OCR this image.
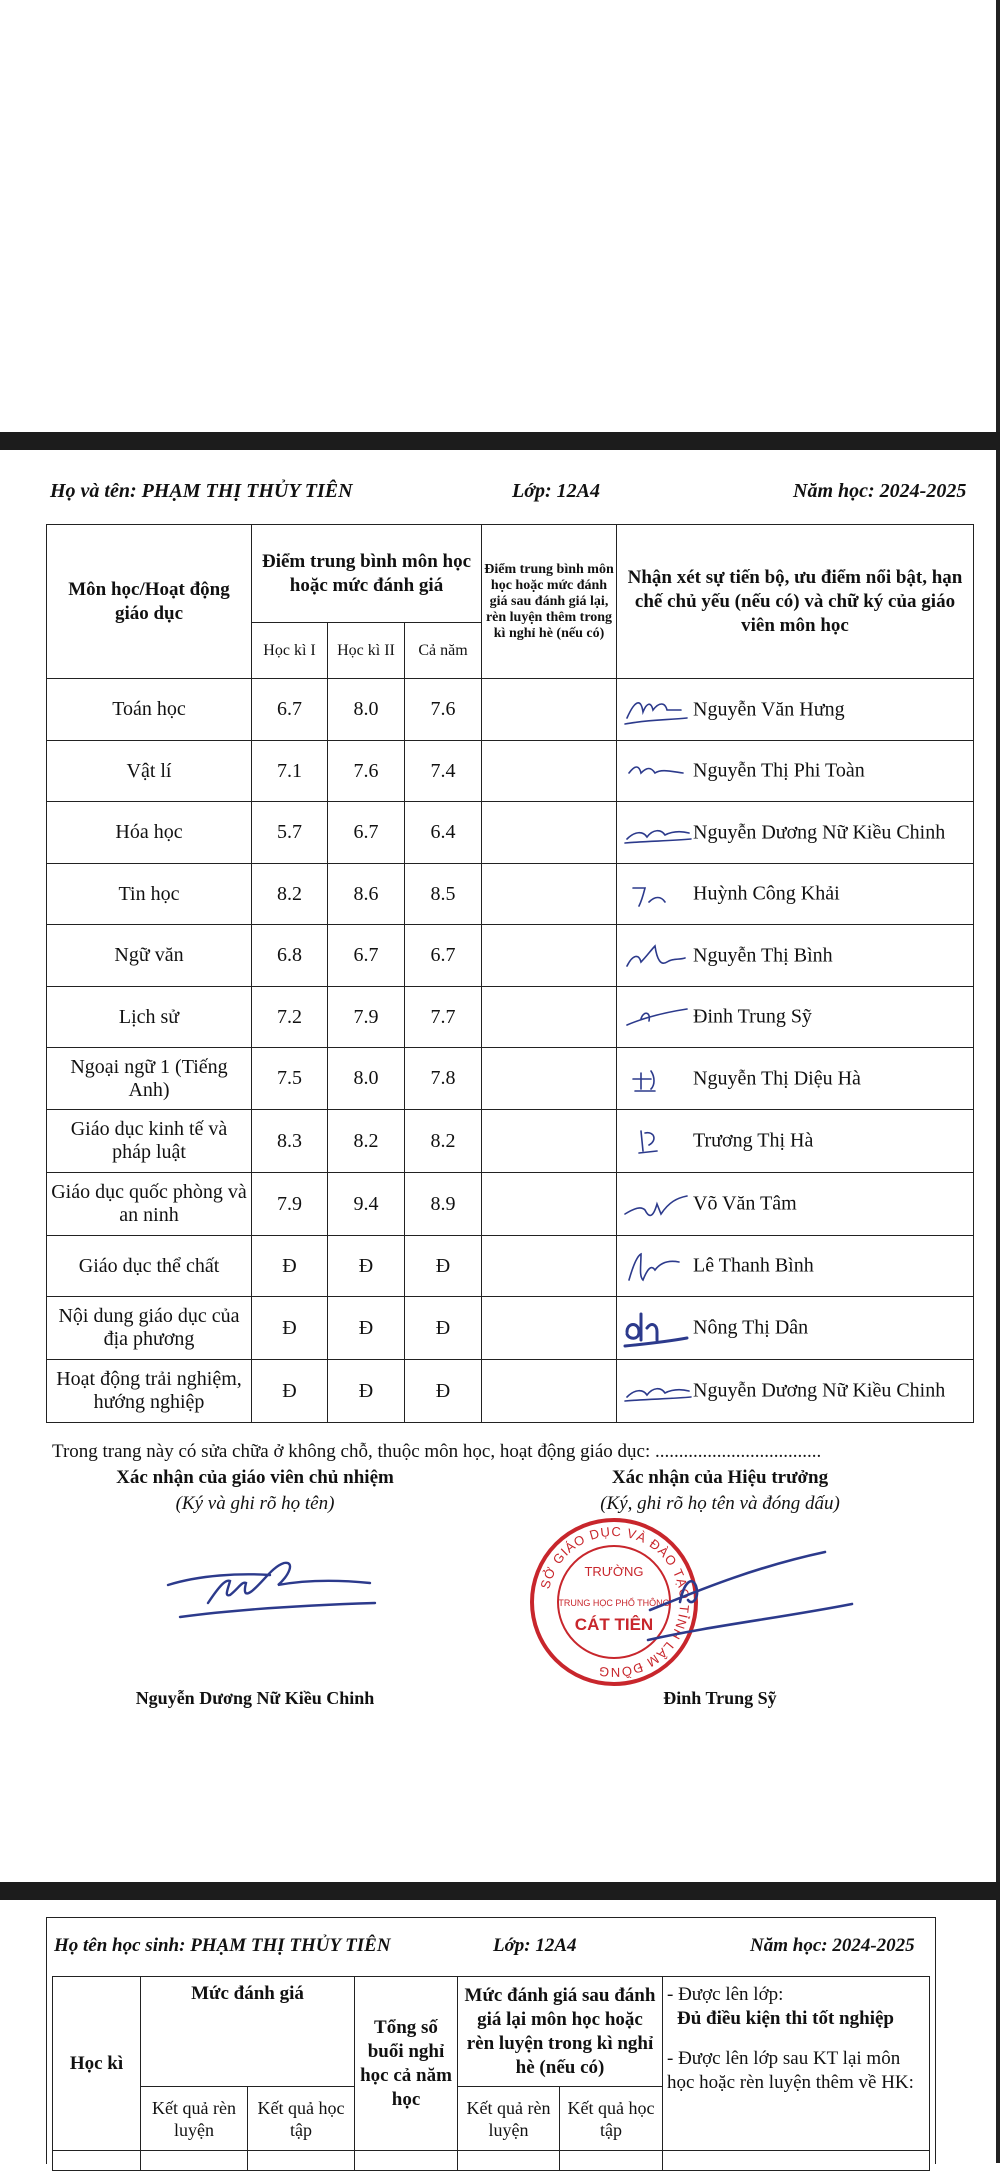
Họ và tên: PHẠM THỊ THỦY TIÊN	Lớp: 12A4	Năm học: 2024-2025
Môn học/Hoạt động giáo dục	Điểm trung bình môn học hoặc mức đánh giá			Điểm trung bình môn học hoặc mức đánh giá sau đánh giá lại, rèn luyện thêm trong kì nghỉ hè (nếu có)	Nhận xét sự tiến bộ, ưu điểm nổi bật, hạn chế chủ yếu (nếu có) và chữ ký của giáo viên môn học
	Học kì I	Học kì II	Cả năm		
Toán học	6.7	8.0	7.6		Nguyễn Văn Hưng
Vật lí	7.1	7.6	7.4		Nguyễn Thị Phi Toàn
Hóa học	5.7	6.7	6.4		Nguyễn Dương Nữ Kiều Chinh
Tin học	8.2	8.6	8.5		Huỳnh Công Khải
Ngữ văn	6.8	6.7	6.7		Nguyễn Thị Bình
Lịch sử	7.2	7.9	7.7		Đinh Trung Sỹ
Ngoại ngữ 1 (Tiếng Anh)	7.5	8.0	7.8		Nguyễn Thị Diệu Hà
Giáo dục kinh tế và pháp luật	8.3	8.2	8.2		Trương Thị Hà
Giáo dục quốc phòng và an ninh	7.9	9.4	8.9		Võ Văn Tâm
Giáo dục thể chất	Đ	Đ	Đ		Lê Thanh Bình
Nội dung giáo dục của địa phương	Đ	Đ	Đ		Nông Thị Dân
Hoạt động trải nghiệm, hướng nghiệp	Đ	Đ	Đ		Nguyễn Dương Nữ Kiều Chinh
Trong trang này có sửa chữa ở không chỗ, thuộc môn học, hoạt động giáo dục: ...................................
Xác nhận của giáo viên chủ nhiệm
(Ký và ghi rõ họ tên)
Nguyễn Dương Nữ Kiều Chinh
Xác nhận của Hiệu trưởng
(Ký, ghi rõ họ tên và đóng dấu)
SỞ GIÁO DỤC VÀ ĐÀO TẠO TỈNH LÂM ĐỒNG
TRƯỜNG
TRUNG HỌC PHỔ THÔNG
CÁT TIÊN
Đinh Trung Sỹ
Họ tên học sinh: PHẠM THỊ THỦY TIÊN	Lớp: 12A4	Năm học: 2024-2025
Học kì	Mức đánh giá		Tổng số buổi nghỉ học cả năm học	Mức đánh giá sau đánh giá lại môn học hoặc rèn luyện trong kì nghỉ hè (nếu có)		- Được lên lớp:
Đủ điều kiện thi tốt nghiệp
- Được lên lớp sau KT lại môn học hoặc rèn luyện thêm về HK:

	Kết quả rèn luyện	Kết quả học tập		Kết quả rèn luyện	Kết quả học tập	
